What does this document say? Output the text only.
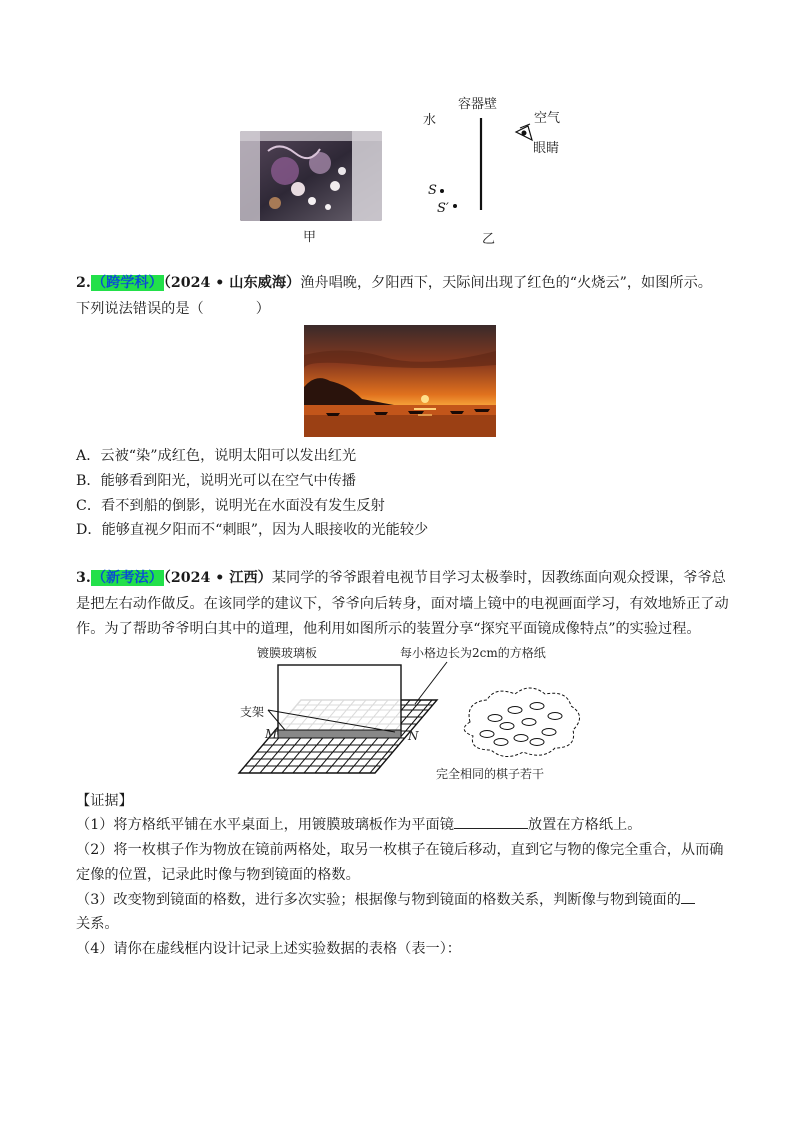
甲
水
容器壁
空气
眼睛
S
S′
乙
2.（跨学科）（2024 • 山东威海）渔舟唱晚，夕阳西下，天际间出现了红色的“火烧云”，如图所示。
下列说法错误的是（	）
A．云被“染”成红色，说明太阳可以发出红光
B．能够看到阳光，说明光可以在空气中传播
C．看不到船的倒影，说明光在水面没有发生反射
D．能够直视夕阳而不“刺眼”，因为人眼接收的光能较少
3.（新考法）（2024 • 江西）某同学的爷爷跟着电视节目学习太极拳时，因教练面向观众授课，爷爷总
是把左右动作做反。在该同学的建议下，爷爷向后转身，面对墙上镜中的电视画面学习，有效地矫正了动
作。为了帮助爷爷明白其中的道理，他利用如图所示的装置分享“探究平面镜成像特点”的实验过程。
镀膜玻璃板	每小格边长为2cm的方格纸
支架
M	N
完全相同的棋子若干
【证据】
（1）将方格纸平铺在水平桌面上，用镀膜玻璃板作为平面镜	放置在方格纸上。
（2）将一枚棋子作为物放在镜前两格处，取另一枚棋子在镜后移动，直到它与物的像完全重合，从而确
定像的位置，记录此时像与物到镜面的格数。
（3）改变物到镜面的格数，进行多次实验；根据像与物到镜面的格数关系，判断像与物到镜面的
关系。
（4）请你在虚线框内设计记录上述实验数据的表格（表一）：
